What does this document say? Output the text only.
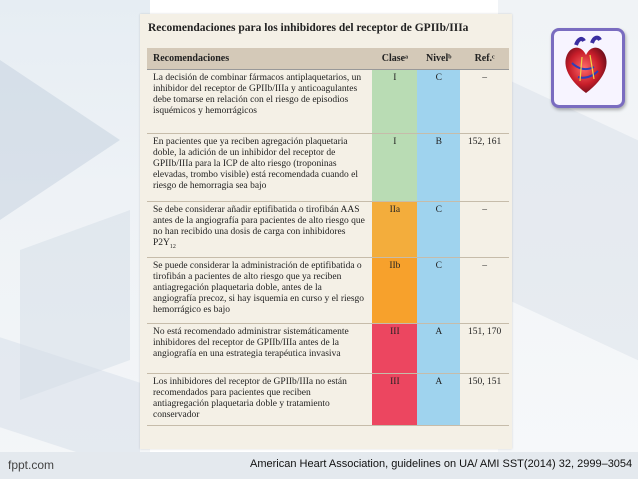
Recomendaciones para los inhibidores del receptor de GPIIb/IIIa
Recomendaciones	Claseᵃ	Nivelᵇ	Ref.ᶜ
La decisión de combinar fármacos antiplaquetarios, un inhibidor del receptor de GPIIb/IIIa y anticoagulantes debe tomarse en relación con el riesgo de episodios isquémicos y hemorrágicos	I	C	–
En pacientes que ya reciben agregación plaquetaria doble, la adición de un inhibidor del receptor de GPIIb/IIIa para la ICP de alto riesgo (troponinas elevadas, trombo visible) está recomendada cuando el riesgo de hemorragia sea bajo	I	B	152, 161
Se debe considerar añadir eptifibatida o tirofibán AAS antes de la angiografía para pacientes de alto riesgo que no han recibido una dosis de carga con inhibidores $P2Y_{12}$	IIa	C	–
Se puede considerar la administración de eptifibatida o tirofibán a pacientes de alto riesgo que ya reciben antiagregación plaquetaria doble, antes de la angiografía precoz, si hay isquemia en curso y el riesgo hemorrágico es bajo	IIb	C	–
No está recomendado administrar sistemáticamente inhibidores del receptor de GPIIb/IIIa antes de la angiografía en una estrategia terapéutica invasiva	III	A	151, 170
Los inhibidores del receptor de GPIIb/IIIa no están recomendados para pacientes que reciben antiagregación plaquetaria doble y tratamiento conservador	III	A	150, 151
fppt.com	American Heart Association, guidelines on UA/ AMI SST(2014) 32, 2999–3054
